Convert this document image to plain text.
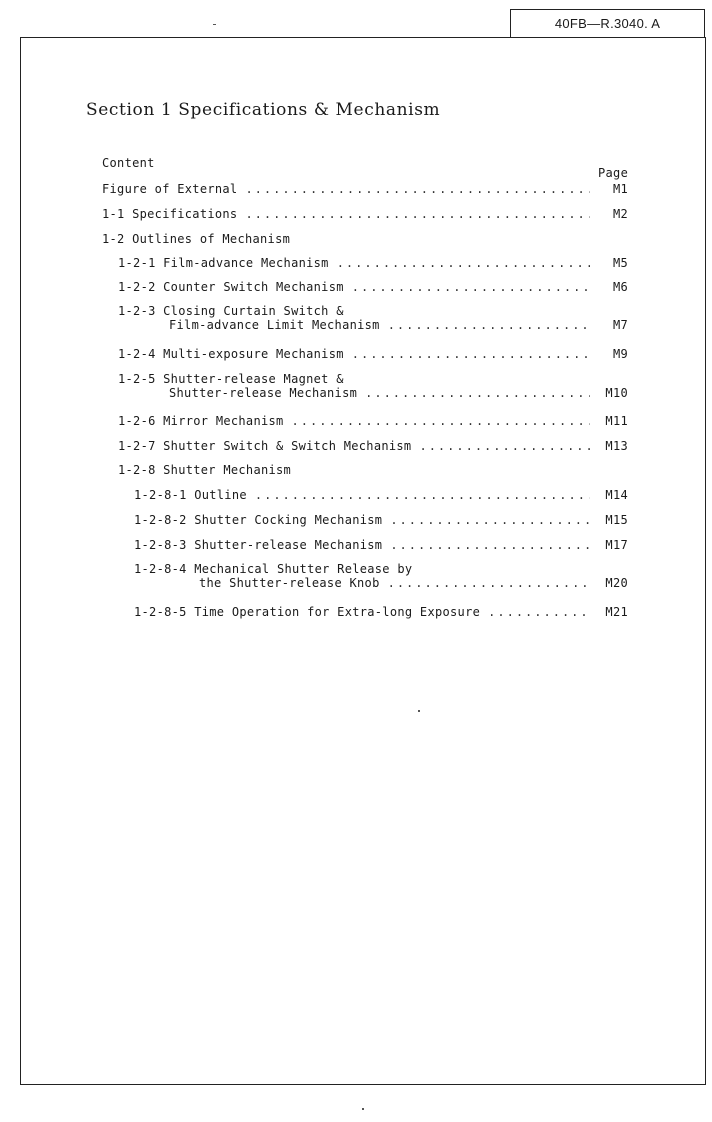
40FB—R.3040. A
Section 1 Specifications & Mechanism
Content
Page
Figure of External .....	M1
1-1 Specifications .....	M2
1-2 Outlines of Mechanism
1-2-1 Film-advance Mechanism .....	M5
1-2-2 Counter Switch Mechanism .....	M6
1-2-3 Closing Curtain Switch &
Film-advance Limit Mechanism .....	M7
1-2-4 Multi-exposure Mechanism .....	M9
1-2-5 Shutter-release Magnet &
Shutter-release Mechanism .....	M10
1-2-6 Mirror Mechanism .....	M11
1-2-7 Shutter Switch & Switch Mechanism .....	M13
1-2-8 Shutter Mechanism
1-2-8-1 Outline .....	M14
1-2-8-2 Shutter Cocking Mechanism .....	M15
1-2-8-3 Shutter-release Mechanism .....	M17
1-2-8-4 Mechanical Shutter Release by
the Shutter-release Knob .....	M20
1-2-8-5 Time Operation for Extra-long Exposure .....	M21
